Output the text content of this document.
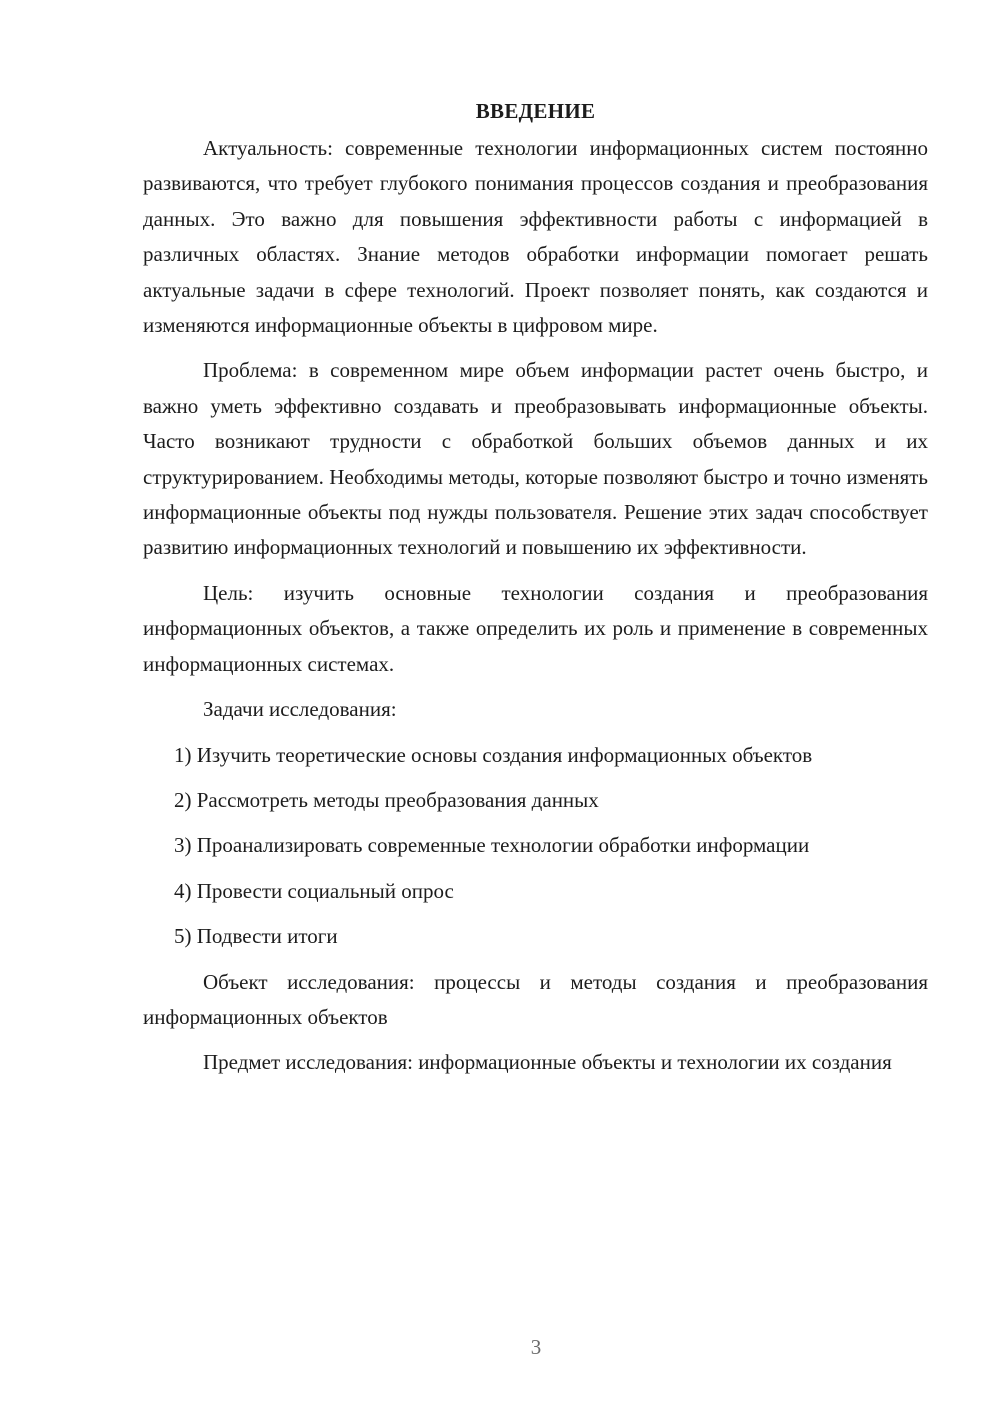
ВВЕДЕНИЕ

Актуальность: современные технологии информационных систем постоянно развиваются, что требует глубокого понимания процессов создания и преобразования данных. Это важно для повышения эффективности работы с информацией в различных областях. Знание методов обработки информации помогает решать актуальные задачи в сфере технологий. Проект позволяет понять, как создаются и изменяются информационные объекты в цифровом мире.

Проблема: в современном мире объем информации растет очень быстро, и важно уметь эффективно создавать и преобразовывать информационные объекты. Часто возникают трудности с обработкой больших объемов данных и их структурированием. Необходимы методы, которые позволяют быстро и точно изменять информационные объекты под нужды пользователя. Решение этих задач способствует развитию информационных технологий и повышению их эффективности.

Цель: изучить основные технологии создания и преобразования информационных объектов, а также определить их роль и применение в современных информационных системах.

Задачи исследования:

1) Изучить теоретические основы создания информационных объектов

2) Рассмотреть методы преобразования данных

3) Проанализировать современные технологии обработки информации

4) Провести социальный опрос

5) Подвести итоги

Объект исследования: процессы и методы создания и преобразования информационных объектов

Предмет исследования: информационные объекты и технологии их создания

3
